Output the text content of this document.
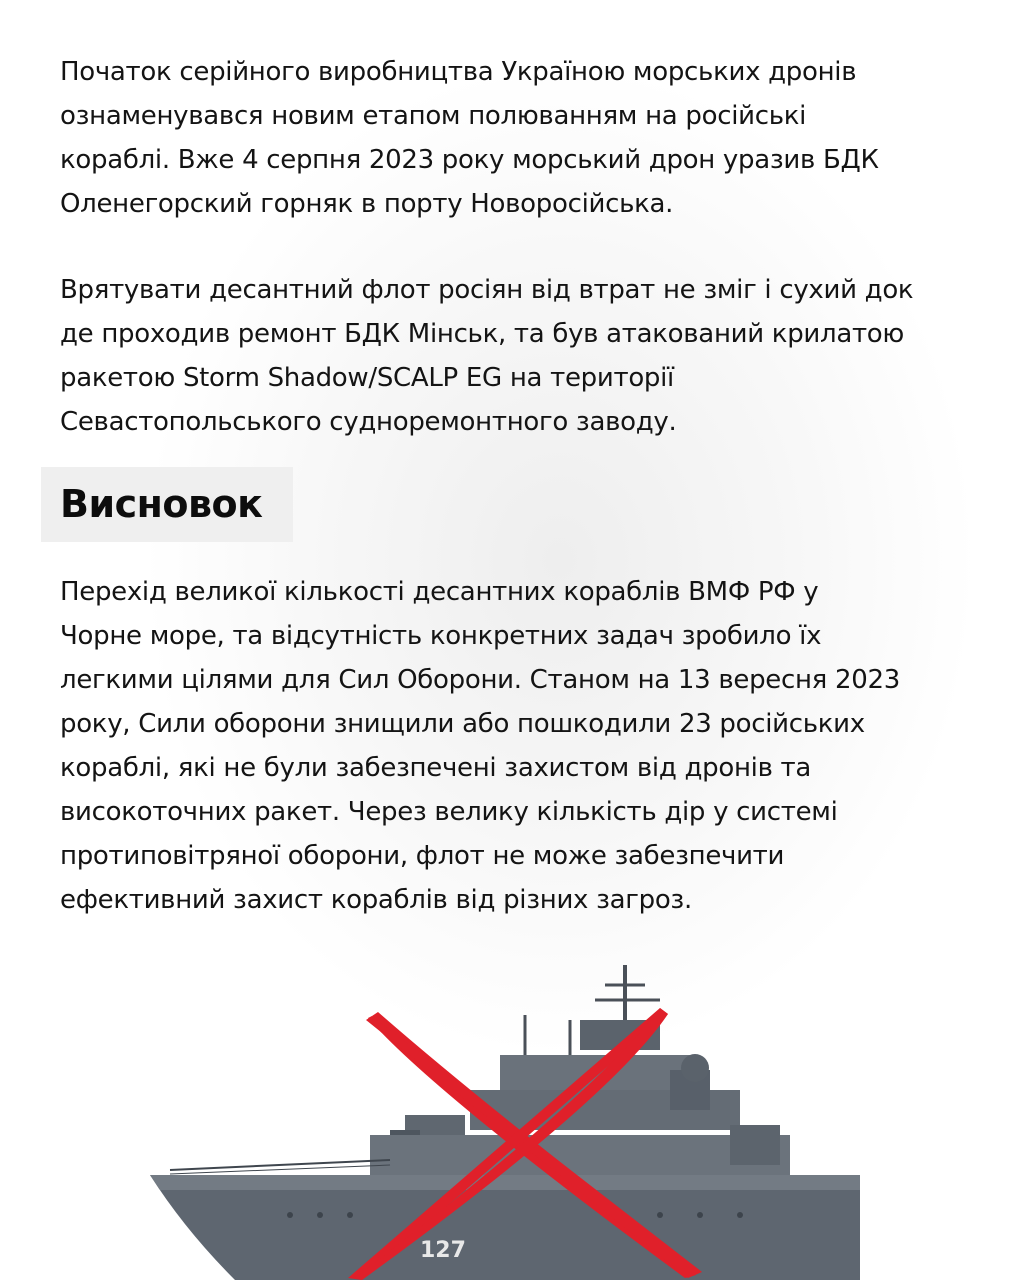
Початок серійного виробництва Україною морських дронів
ознаменувався новим етапом полюванням на російські
кораблі. Вже 4 серпня 2023 року морський дрон уразив БДК
Оленегорский горняк в порту Новоросійська.

Врятувати десантний флот росіян від втрат не зміг і сухий док
де проходив ремонт БДК Мінськ, та був атакований крилатою
ракетою Storm Shadow/SCALP EG на території
Севастопольського судноремонтного заводу.

Висновок

Перехід великої кількості десантних кораблів ВМФ РФ у
Чорне море, та відсутність конкретних задач зробило їх
легкими цілями для Сил Оборони. Станом на 13 вересня 2023
року, Сили оборони знищили або пошкодили 23 російських
кораблі, які не були забезпечені захистом від дронів та
високоточних ракет. Через велику кількість дір у системі
протиповітряної оборони, флот не може забезпечити
ефективний захист кораблів від різних загроз.

127
